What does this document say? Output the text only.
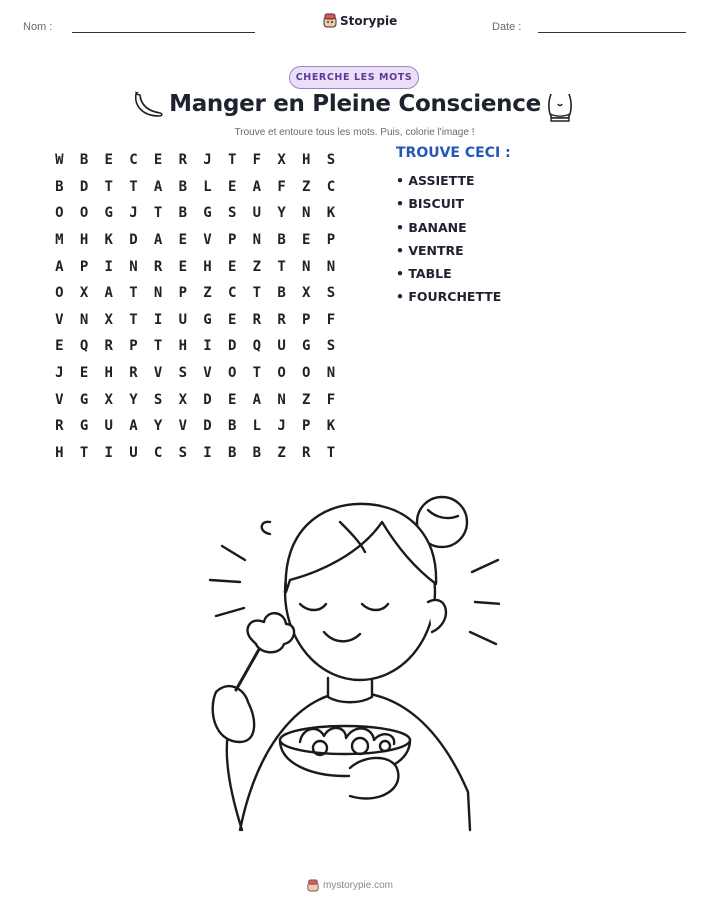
Nom :	Storypie	Date :
CHERCHE LES MOTS
Manger en Pleine Conscience
Trouve et entoure tous les mots. Puis, colorie l'image !
W	B	E	C	E	R	J	T	F	X	H	S
B	D	T	T	A	B	L	E	A	F	Z	C
O	O	G	J	T	B	G	S	U	Y	N	K
M	H	K	D	A	E	V	P	N	B	E	P
A	P	I	N	R	E	H	E	Z	T	N	N
O	X	A	T	N	P	Z	C	T	B	X	S
V	N	X	T	I	U	G	E	R	R	P	F
E	Q	R	P	T	H	I	D	Q	U	G	S
J	E	H	R	V	S	V	O	T	O	O	N
V	G	X	Y	S	X	D	E	A	N	Z	F
R	G	U	A	Y	V	D	B	L	J	P	K
H	T	I	U	C	S	I	B	B	Z	R	T
TROUVE CECI :
• ASSIETTE
• BISCUIT
• BANANE
• VENTRE
• TABLE
• FOURCHETTE
mystorypie.com
